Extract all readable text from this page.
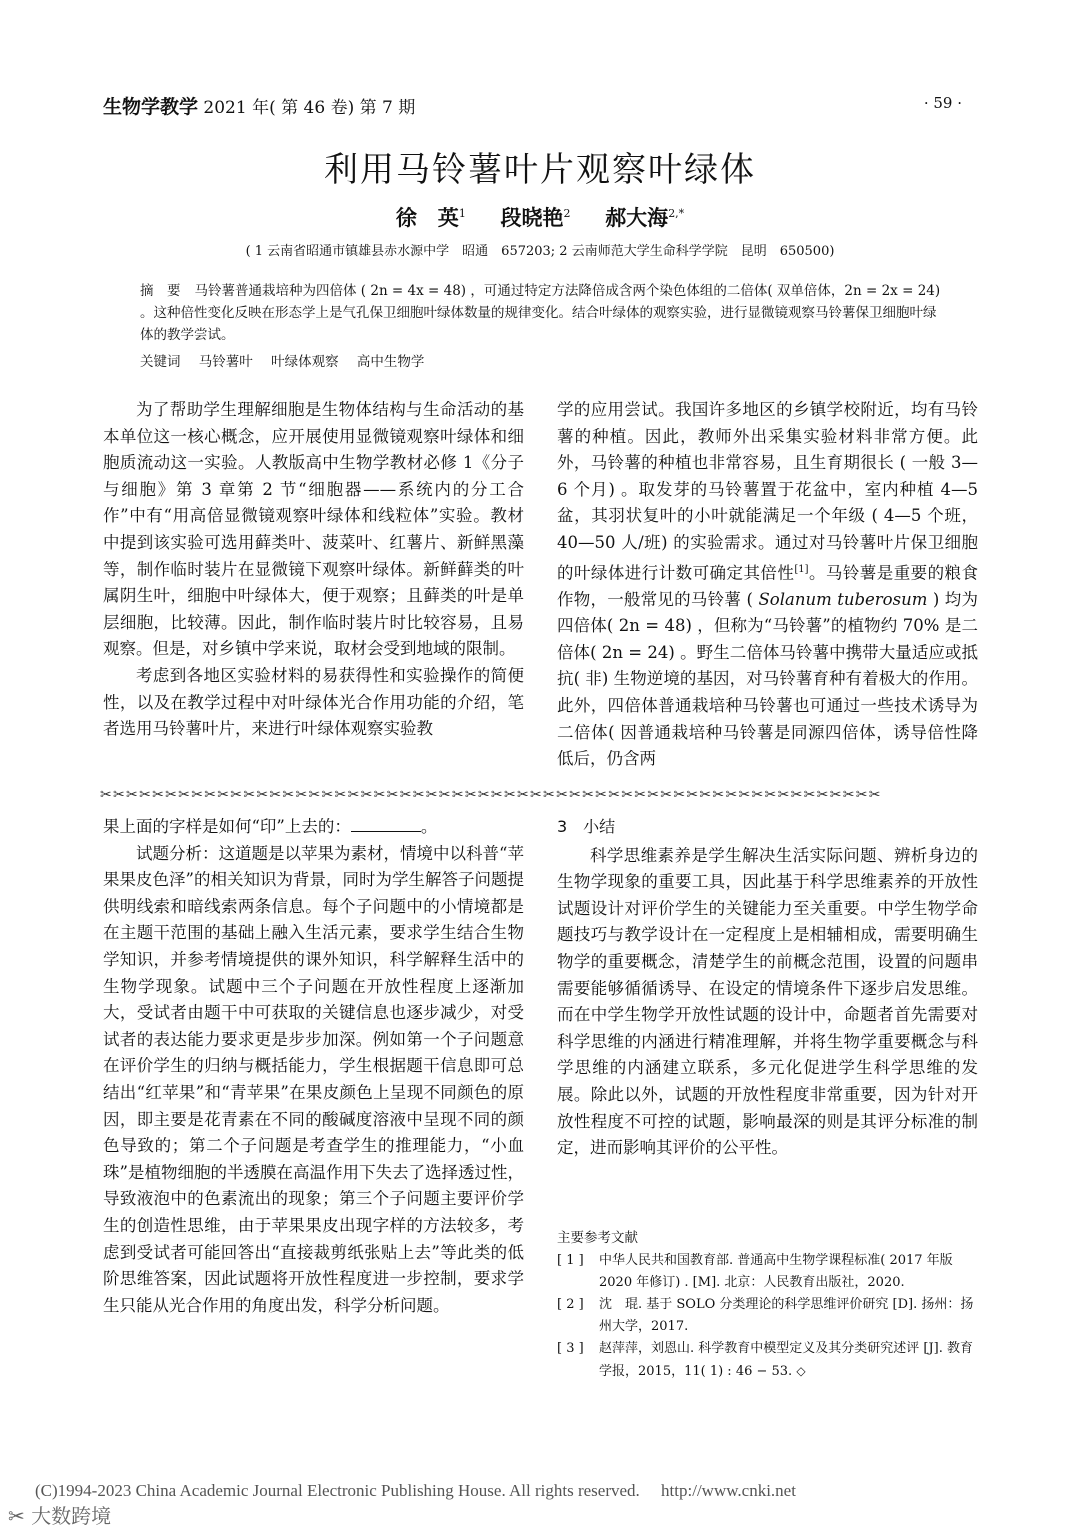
生物学教学 2021 年( 第 46 卷) 第 7 期	· 59 ·
利用马铃薯叶片观察叶绿体
徐　英$^1$ 段晓艳$^2$ 郝大海$^{2,*}$
( 1 云南省昭通市镇雄县赤水源中学　昭通　657203; 2 云南师范大学生命科学学院　昆明　650500)
摘　要 马铃薯普通栽培种为四倍体 ( 2n = 4x = 48) ，可通过特定方法降倍成含两个染色体组的二倍体( 双单倍体，2n = 2x = 24) 。这种倍性变化反映在形态学上是气孔保卫细胞叶绿体数量的规律变化。结合叶绿体的观察实验，进行显微镜观察马铃薯保卫细胞叶绿体的教学尝试。
关键词 马铃薯叶 叶绿体观察 高中生物学

为了帮助学生理解细胞是生物体结构与生命活动的基本单位这一核心概念，应开展使用显微镜观察叶绿体和细胞质流动这一实验。人教版高中生物学教材必修 1《分子与细胞》第 3 章第 2 节“细胞器——系统内的分工合作”中有“用高倍显微镜观察叶绿体和线粒体”实验。教材中提到该实验可选用藓类叶、菠菜叶、红薯片、新鲜黑藻等，制作临时装片在显微镜下观察叶绿体。新鲜藓类的叶属阴生叶，细胞中叶绿体大，便于观察；且藓类的叶是单层细胞，比较薄。因此，制作临时装片时比较容易，且易观察。但是，对乡镇中学来说，取材会受到地域的限制。

考虑到各地区实验材料的易获得性和实验操作的简便性，以及在教学过程中对叶绿体光合作用功能的介绍，笔者选用马铃薯叶片，来进行叶绿体观察实验教

学的应用尝试。我国许多地区的乡镇学校附近，均有马铃薯的种植。因此，教师外出采集实验材料非常方便。此外，马铃薯的种植也非常容易，且生育期很长 ( 一般 3—6 个月) 。取发芽的马铃薯置于花盆中，室内种植 4—5 盆，其羽状复叶的小叶就能满足一个年级 ( 4—5 个班，40—50 人/班) 的实验需求。通过对马铃薯叶片保卫细胞的叶绿体进行计数可确定其倍性[1]。马铃薯是重要的粮食作物，一般常见的马铃薯 ( Solanum tuberosum ) 均为四倍体( 2n = 48) ，但称为“马铃薯”的植物约 70% 是二倍体( 2n = 24) 。野生二倍体马铃薯中携带大量适应或抵抗( 非) 生物逆境的基因，对马铃薯育种有着极大的作用。此外，四倍体普通栽培种马铃薯也可通过一些技术诱导为二倍体( 因普通栽培种马铃薯是同源四倍体，诱导倍性降低后，仍含两

✂✂✂✂✂✂✂✂✂✂✂✂✂✂✂✂✂✂✂✂✂✂✂✂✂✂✂✂✂✂✂✂✂✂✂✂✂✂✂✂✂✂✂✂✂✂✂✂✂✂✂✂✂✂✂✂✂✂✂✂

果上面的字样是如何“印”上去的：	。

试题分析：这道题是以苹果为素材，情境中以科普“苹果果皮色泽”的相关知识为背景，同时为学生解答子问题提供明线索和暗线索两条信息。每个子问题中的小情境都是在主题干范围的基础上融入生活元素，要求学生结合生物学知识，并参考情境提供的课外知识，科学解释生活中的生物学现象。试题中三个子问题在开放性程度上逐渐加大，受试者由题干中可获取的关键信息也逐步减少，对受试者的表达能力要求更是步步加深。例如第一个子问题意在评价学生的归纳与概括能力，学生根据题干信息即可总结出“红苹果”和“青苹果”在果皮颜色上呈现不同颜色的原因，即主要是花青素在不同的酸碱度溶液中呈现不同的颜色导致的；第二个子问题是考查学生的推理能力，“小血珠”是植物细胞的半透膜在高温作用下失去了选择透过性，导致液泡中的色素流出的现象；第三个子问题主要评价学生的创造性思维，由于苹果果皮出现字样的方法较多，考虑到受试者可能回答出“直接裁剪纸张贴上去”等此类的低阶思维答案，因此试题将开放性程度进一步控制，要求学生只能从光合作用的角度出发，科学分析问题。

3　小结

科学思维素养是学生解决生活实际问题、辨析身边的生物学现象的重要工具，因此基于科学思维素养的开放性试题设计对评价学生的关键能力至关重要。中学生物学命题技巧与教学设计在一定程度上是相辅相成，需要明确生物学的重要概念，清楚学生的前概念范围，设置的问题串需要能够循循诱导、在设定的情境条件下逐步启发思维。而在中学生物学开放性试题的设计中，命题者首先需要对科学思维的内涵进行精准理解，并将生物学重要概念与科学思维的内涵建立联系，多元化促进学生科学思维的发展。除此以外，试题的开放性程度非常重要，因为针对开放性程度不可控的试题，影响最深的则是其评分标准的制定，进而影响其评价的公平性。

主要参考文献
[ 1 ]	中华人民共和国教育部. 普通高中生物学课程标准( 2017 年版 2020 年修订) . [M]. 北京：人民教育出版社，2020.
[ 2 ]	沈　琨. 基于 SOLO 分类理论的科学思维评价研究 [D]. 扬州：扬州大学，2017.
[ 3 ]	赵萍萍，刘恩山. 科学教育中模型定义及其分类研究述评 [J]. 教育学报，2015，11( 1) : 46 − 53. ◇
(C)1994-2023 China Academic Journal Electronic Publishing House. All rights reserved.　 http://www.cnki.net
✂ 大数跨境
